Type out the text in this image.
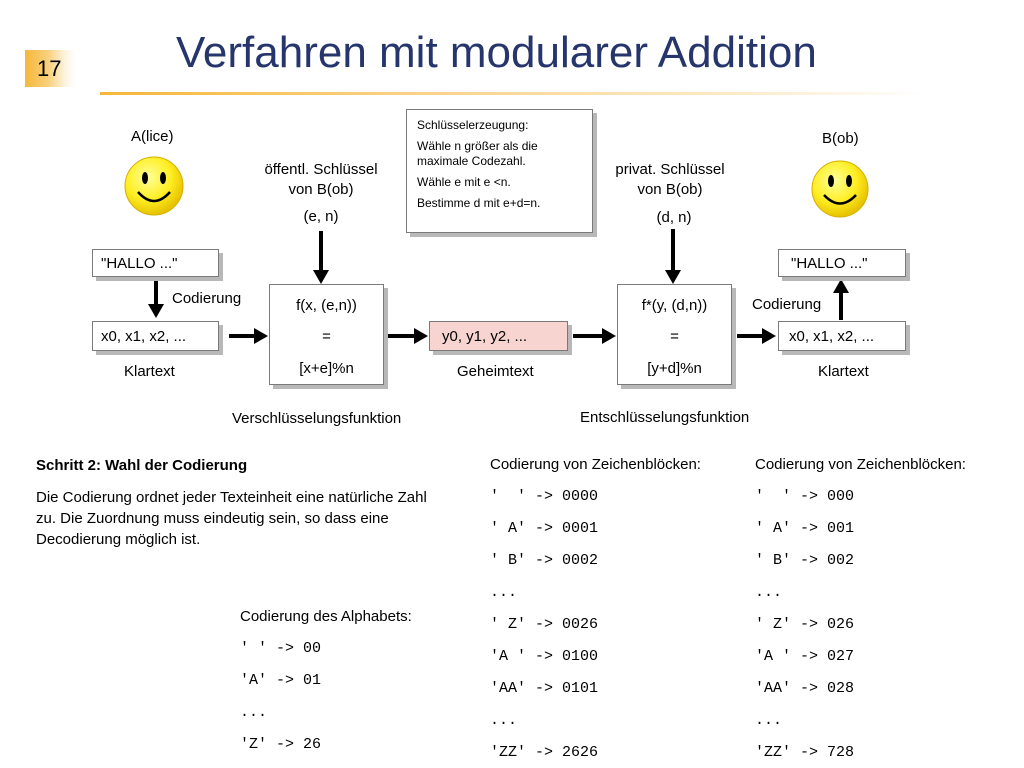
17	Verfahren mit modularer Addition
A(lice)
"HALLO ..."
Codierung
x0, x1, x2, ...
Klartext
öffentl. Schlüssel
von B(ob)
(e, n)
f(x, (e,n))
=
[x+e]%n
Verschlüsselungsfunktion
Schlüsselerzeugung:
Wähle n größer als die maximale Codezahl.
Wähle e mit e <n.
Bestimme d mit e+d=n.
y0, y1, y2, ...
Geheimtext
privat. Schlüssel
von B(ob)
(d, n)
f*(y, (d,n))
=
[y+d]%n
Entschlüsselungsfunktion
B(ob)
"HALLO ..."
Codierung
x0, x1, x2, ...
Klartext
Schritt 2: Wahl der Codierung
Die Codierung ordnet jeder Texteinheit eine natürliche Zahl zu. Die Zuordnung muss eindeutig sein, so dass eine Decodierung möglich ist.
Codierung des Alphabets:
' ' -> 00
'A' -> 01
...
'Z' -> 26
Codierung von Zeichenblöcken:
'  ' -> 0000
' A' -> 0001
' B' -> 0002
...
' Z' -> 0026
'A ' -> 0100
'AA' -> 0101
...
'ZZ' -> 2626
Codierung von Zeichenblöcken:
'  ' -> 000
' A' -> 001
' B' -> 002
...
' Z' -> 026
'A ' -> 027
'AA' -> 028
...
'ZZ' -> 728
